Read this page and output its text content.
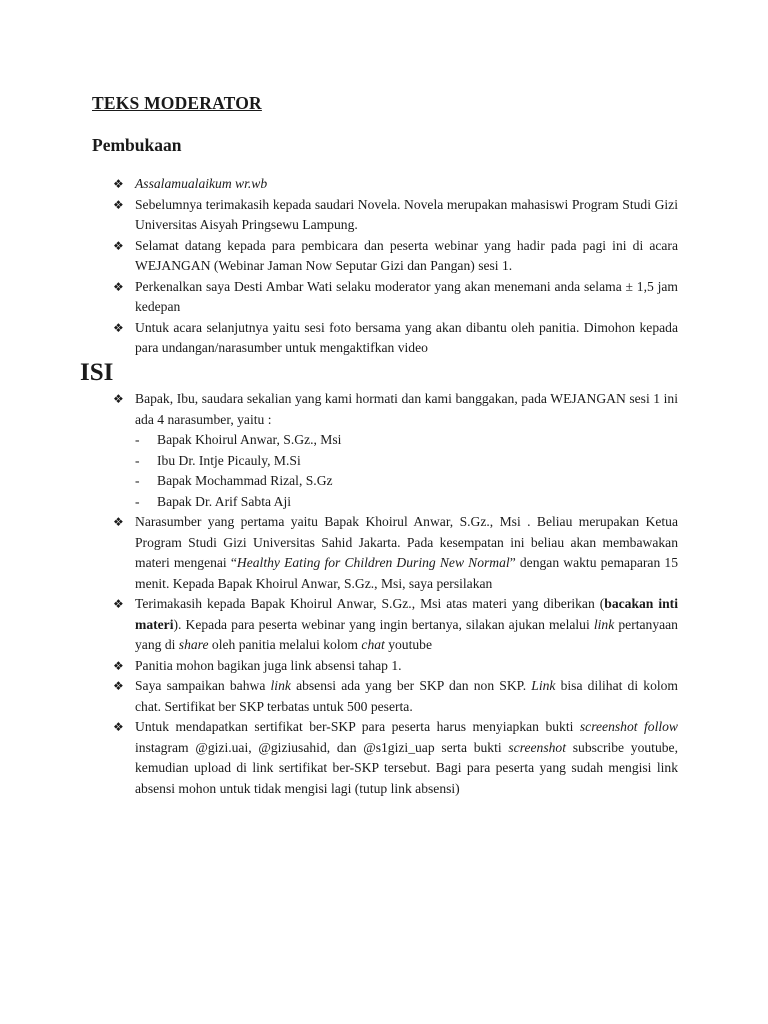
TEKS MODERATOR
Pembukaan
❖ Assalamualaikum wr.wb
❖ Sebelumnya terimakasih kepada saudari Novela. Novela merupakan mahasiswi Program Studi Gizi Universitas Aisyah Pringsewu Lampung.
❖ Selamat datang kepada para pembicara dan peserta webinar yang hadir pada pagi ini di acara WEJANGAN (Webinar Jaman Now Seputar Gizi dan Pangan) sesi 1.
❖ Perkenalkan saya Desti Ambar Wati selaku moderator yang akan menemani anda selama ± 1,5 jam kedepan
❖ Untuk acara selanjutnya yaitu sesi foto bersama yang akan dibantu oleh panitia. Dimohon kepada para undangan/narasumber untuk mengaktifkan video
ISI
❖ Bapak, Ibu, saudara sekalian yang kami hormati dan kami banggakan, pada WEJANGAN sesi 1 ini ada 4 narasumber, yaitu :
- Bapak Khoirul Anwar, S.Gz., Msi
- Ibu Dr. Intje Picauly, M.Si
- Bapak Mochammad Rizal, S.Gz
- Bapak Dr. Arif Sabta Aji
❖ Narasumber yang pertama yaitu Bapak Khoirul Anwar, S.Gz., Msi . Beliau merupakan Ketua Program Studi Gizi Universitas Sahid Jakarta. Pada kesempatan ini beliau akan membawakan materi mengenai “Healthy Eating for Children During New Normal” dengan waktu pemaparan 15 menit. Kepada Bapak Khoirul Anwar, S.Gz., Msi, saya persilakan
❖ Terimakasih kepada Bapak Khoirul Anwar, S.Gz., Msi atas materi yang diberikan (bacakan inti materi). Kepada para peserta webinar yang ingin bertanya, silakan ajukan melalui link pertanyaan yang di share oleh panitia melalui kolom chat youtube
❖ Panitia mohon bagikan juga link absensi tahap 1.
❖ Saya sampaikan bahwa link absensi ada yang ber SKP dan non SKP. Link bisa dilihat di kolom chat. Sertifikat ber SKP terbatas untuk 500 peserta.
❖ Untuk mendapatkan sertifikat ber-SKP para peserta harus menyiapkan bukti screenshot follow instagram @gizi.uai, @giziusahid, dan @s1gizi_uap serta bukti screenshot subscribe youtube, kemudian upload di link sertifikat ber-SKP tersebut. Bagi para peserta yang sudah mengisi link absensi mohon untuk tidak mengisi lagi (tutup link absensi)
